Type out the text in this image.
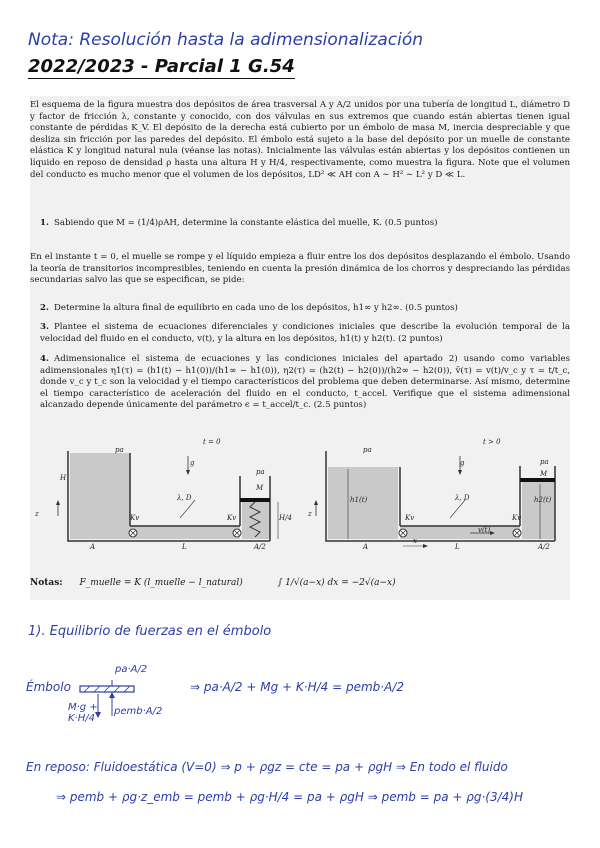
Nota: Resolución hasta la adimensionalización
2022/2023 - Parcial 1 G.54
El esquema de la figura muestra dos depósitos de área trasversal A y A/2 unidos por una tubería de longitud L, diámetro D y factor de fricción λ, constante y conocido, con dos válvulas en sus extremos que cuando están abiertas tienen igual constante de pérdidas K_V. El depósito de la derecha está cubierto por un émbolo de masa M, inercia despreciable y que desliza sin fricción por las paredes del depósito. El émbolo está sujeto a la base del depósito por un muelle de constante elástica K y longitud natural nula (véanse las notas). Inicialmente las válvulas están abiertas y los depósitos contienen un líquido en reposo de densidad ρ hasta una altura H y H/4, respectivamente, como muestra la figura. Note que el volumen del conducto es mucho menor que el volumen de los depósitos, LD² ≪ AH con A ∼ H² ∼ L² y D ≪ L.
1. Sabiendo que M = (1/4)ρAH, determine la constante elástica del muelle, K. (0.5 puntos)
En el instante t = 0, el muelle se rompe y el líquido empieza a fluir entre los dos depósitos desplazando el émbolo. Usando la teoría de transitorios incompresibles, teniendo en cuenta la presión dinámica de los chorros y despreciando las pérdidas secundarias salvo las que se especifican, se pide:
2. Determine la altura final de equilibrio en cada uno de los depósitos, h1∞ y h2∞. (0.5 puntos)
3. Plantee el sistema de ecuaciones diferenciales y condiciones iniciales que describe la evolución temporal de la velocidad del fluido en el conducto, v(t), y la altura en los depósitos, h1(t) y h2(t). (2 puntos)
4. Adimensionalice el sistema de ecuaciones y las condiciones iniciales del apartado 2) usando como variables adimensionales η1(τ) = (h1(t) − h1(0))/(h1∞ − h1(0)), η2(τ) = (h2(t) − h2(0))/(h2∞ − h2(0)), v̄(τ) = v(t)/v_c y τ = t/t_c, donde v_c y t_c son la velocidad y el tiempo característicos del problema que deben determinarse. Así mismo, determine el tiempo característico de aceleración del fluido en el conducto, t_accel. Verifique que el sistema adimensional alcanzado depende únicamente del parámetro ϵ = t_accel/t_c. (2.5 puntos)
pa
t = 0
H
g
pa
M
λ, D
Kv	Kv	H/4
z
A	L	A/2
pa
t > 0
g	pa
M
h1(t)	h2(t)
λ, D
Kv	Kv
v(t)
z
A
x
L	A/2
Notas: F_muelle = K (l_muelle − l_natural)	∫ 1/√(a−x) dx = −2√(a−x)
1). Equilibrio de fuerzas en el émbolo
Émbolo
pa·A/2
M·g + K·H/4
pemb·A/2
⇒ pa·A/2 + Mg + K·H/4 = pemb·A/2
En reposo: Fluidoestática (V=0) ⇒ p + ρgz = cte = pa + ρgH ⇒ En todo el fluido
⇒ pemb + ρg·z_emb = pemb + ρg·H/4 = pa + ρgH ⇒ pemb = pa + ρg·(3/4)H
